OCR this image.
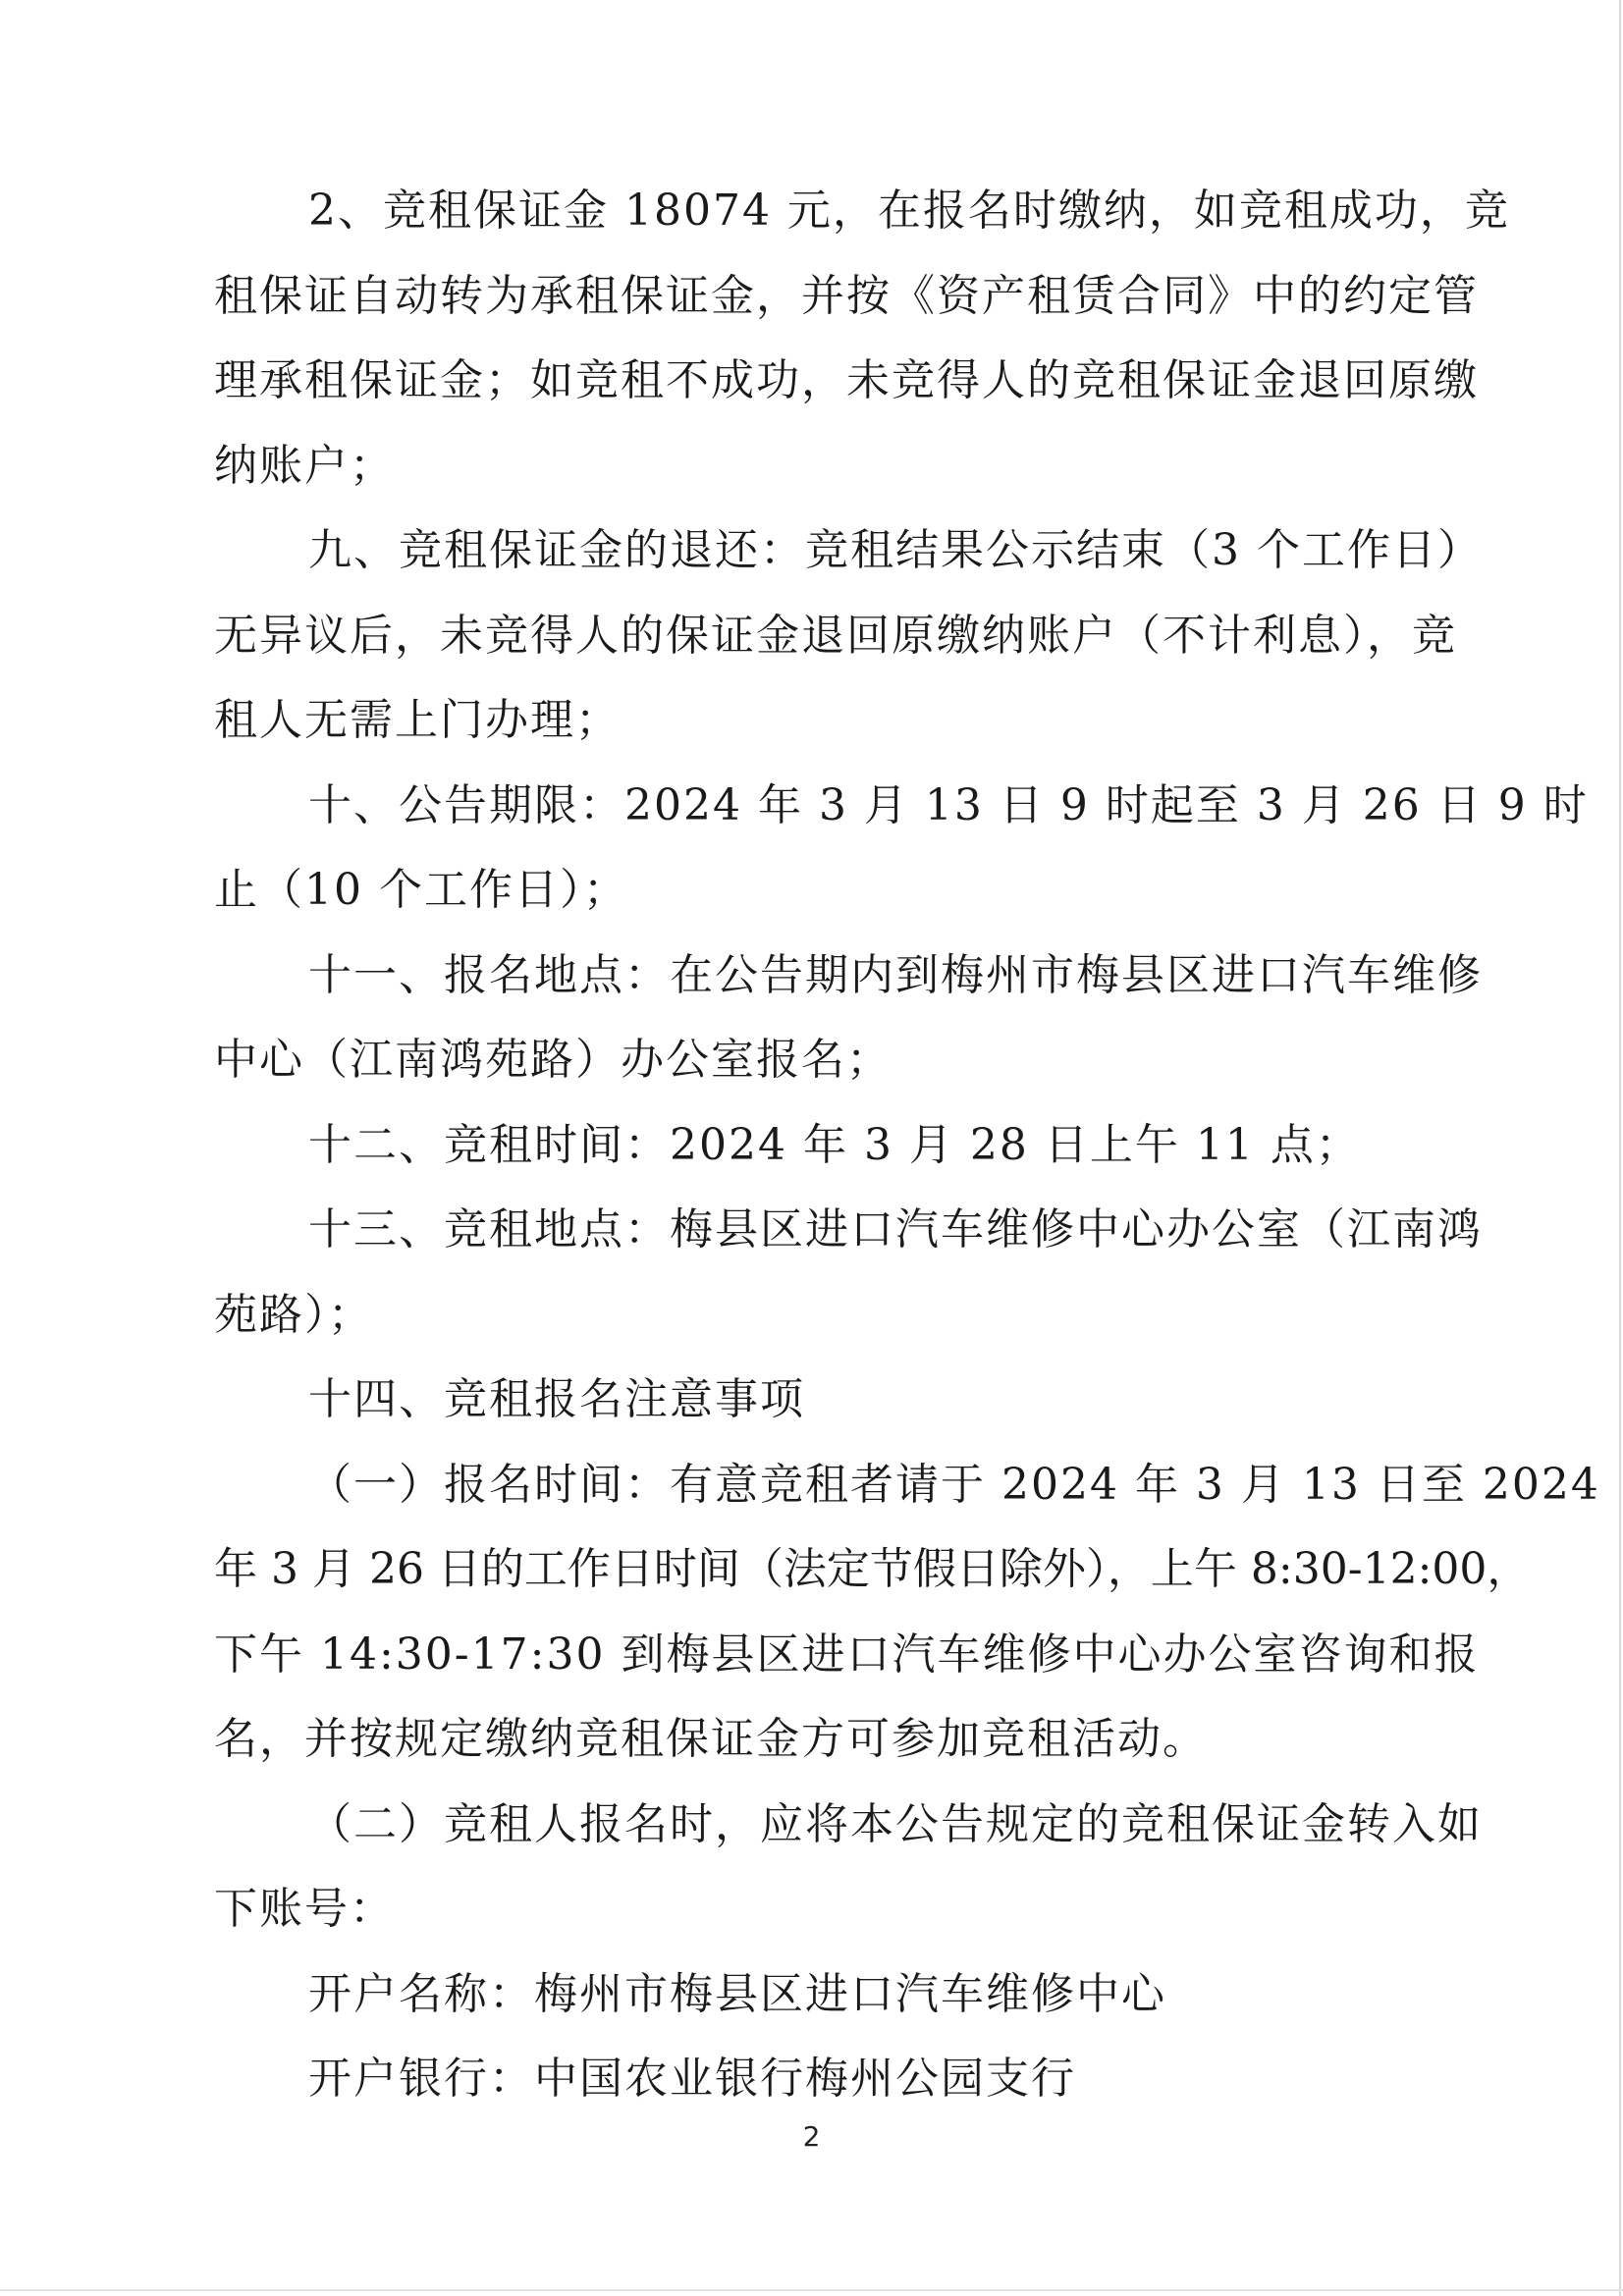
2、竞租保证金 18074 元，在报名时缴纳，如竞租成功，竞
租保证自动转为承租保证金，并按《资产租赁合同》中的约定管
理承租保证金；如竞租不成功，未竞得人的竞租保证金退回原缴
纳账户；
九、竞租保证金的退还：竞租结果公示结束（3 个工作日）
无异议后，未竞得人的保证金退回原缴纳账户（不计利息），竞
租人无需上门办理；
十、公告期限：2024 年 3 月 13 日 9 时起至 3 月 26 日 9 时
止（10 个工作日）；
十一、报名地点：在公告期内到梅州市梅县区进口汽车维修
中心（江南鸿苑路）办公室报名；
十二、竞租时间：2024 年 3 月 28 日上午 11 点；
十三、竞租地点：梅县区进口汽车维修中心办公室（江南鸿
苑路）；
十四、竞租报名注意事项
（一）报名时间：有意竞租者请于 2024 年 3 月 13 日至 2024
年 3 月 26 日的工作日时间（法定节假日除外），上午 8:30-12:00，
下午 14:30-17:30 到梅县区进口汽车维修中心办公室咨询和报
名，并按规定缴纳竞租保证金方可参加竞租活动。
（二）竞租人报名时，应将本公告规定的竞租保证金转入如
下账号：
开户名称：梅州市梅县区进口汽车维修中心
开户银行：中国农业银行梅州公园支行
2
